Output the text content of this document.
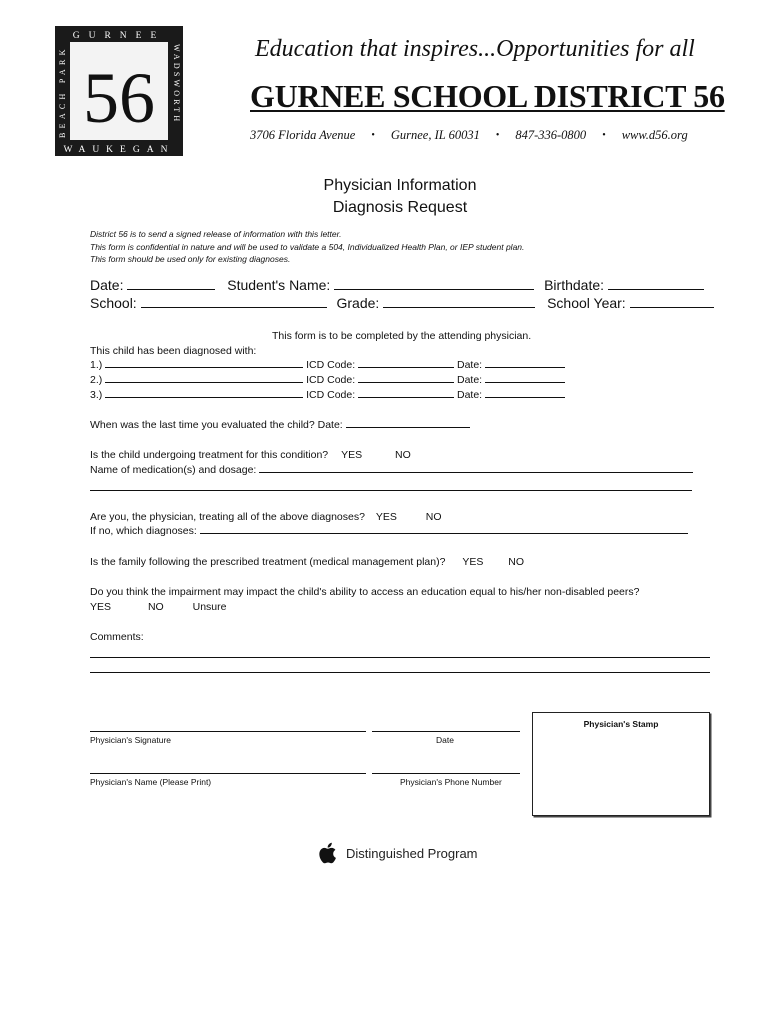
56
GURNEE
WAUKEGAN
BEACH PARK	WADSWORTH	Education that inspires...Opportunities for all
GURNEE SCHOOL DISTRICT 56
3706 Florida Avenue • Gurnee, IL 60031 • 847-336-0800 • www.d56.org
Physician Information
Diagnosis Request
District 56 is to send a signed release of information with this letter.
This form is confidential in nature and will be used to validate a 504, Individualized Health Plan, or IEP student plan.
This form should be used only for existing diagnoses.
Date:	Student's Name:	Birthdate:
School:	Grade:	School Year:
This form is to be completed by the attending physician.
This child has been diagnosed with:
1.)	ICD Code:	Date:
2.)	ICD Code:	Date:
3.)	ICD Code:	Date:
When was the last time you evaluated the child? Date:
Is the child undergoing treatment for this condition? YES	NO
Name of medication(s) and dosage:
Are you, the physician, treating all of the above diagnoses? YES	NO
If no, which diagnoses:
Is the family following the prescribed treatment (medical management plan)? YES NO
Do you think the impairment may impact the child's ability to access an education equal to his/her non-disabled peers?
YES	NO	Unsure
Comments:
Physician's Signature	Date
Physician's Name (Please Print)	Physician's Phone Number
Physician's Stamp
Distinguished Program
